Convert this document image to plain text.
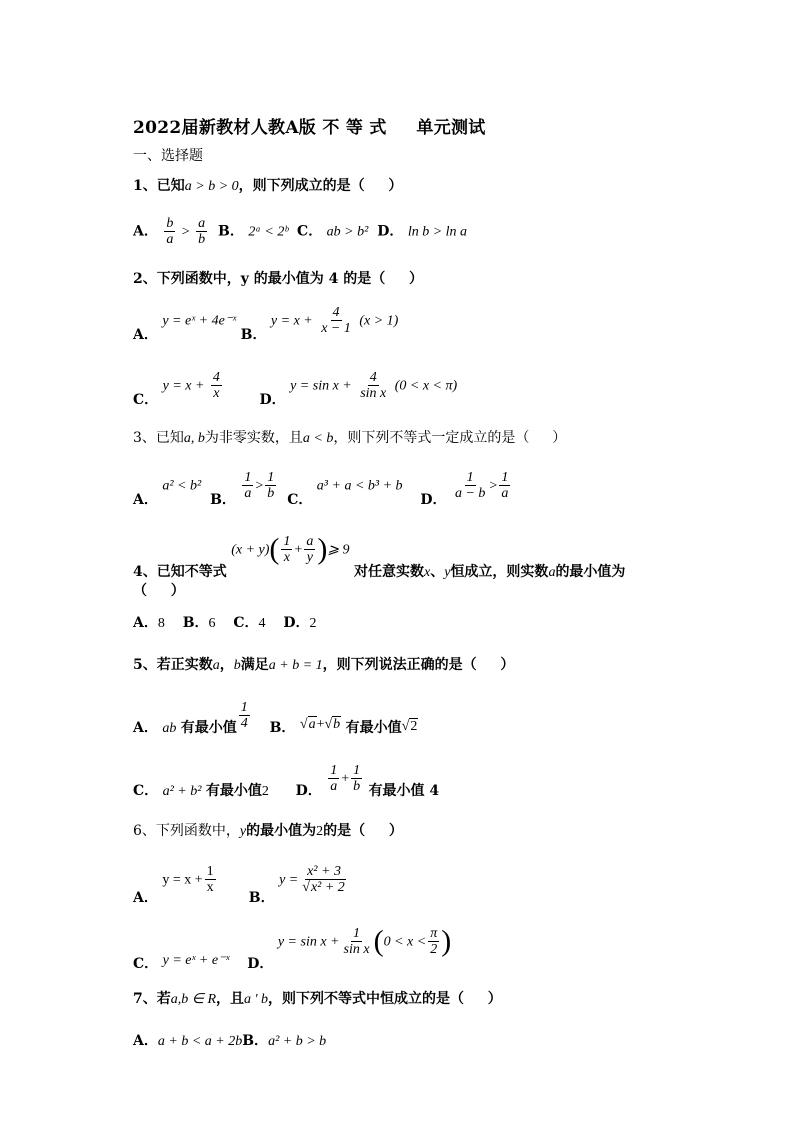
2022届新教材人教A版 不 等 式 　 单元测试
一、选择题
1、已知a > b > 0，则下列成立的是（ 　 ）
A． $\frac{b}{a} > \frac{a}{b}$ B． 2ᵃ < 2ᵇ C． ab > b² D． ln b > ln a
2、下列函数中，y 的最小值为 4 的是（ 　 ）
A． y = eˣ + 4e⁻ˣ B． $y = x + \frac{4}{x - 1} (x > 1)$
C． $y = x + \frac{4}{x}$	D． $y = \sin x + \frac{4}{\text{sin x}} (0 < x < \pi)$
3、已知a, b为非零实数，且a < b，则下列不等式一定成立的是（ 　 ）
A． a² < b²  B． $\frac{1}{a} > \frac{1}{b}$ C． a³ + a < b³ + b    D． $\frac{1}{a - b} > \frac{1}{a}$
4、已知不等式 $(x + y)( \frac{1}{x} + \frac{a}{y}$ )⩾ 9 对任意实数x、y恒成立，则实数a的最小值为
（ 　 ）
A．8 B．6 C．4 D．2
5、若正实数a，b满足a + b = 1，则下列说法正确的是（ 　 ）
A． ab 有最小值 $\frac{1}{4}$ B． √a+√b 有最小值√2
C． a² + b² 有最小值2 D． $\frac{1}{a} + \frac{1}{b}$ 有最小值 4
6、下列函数中，y的最小值为2的是（ 　 ）
A． $y = x + \frac{1}{x}$
B． $y = \frac{\text{x² + 3}}{\text{√x² + 2}}$
C． y = eˣ + e⁻ˣ D． $y = \sin x + \frac{1}{\text{sin x}} (0 < x < \frac{\pi}{2}$ )
7、若a,b ∈ R，且a ' b，则下列不等式中恒成立的是（ 　 ）
A．a + b < a + 2bB．a² + b > b
